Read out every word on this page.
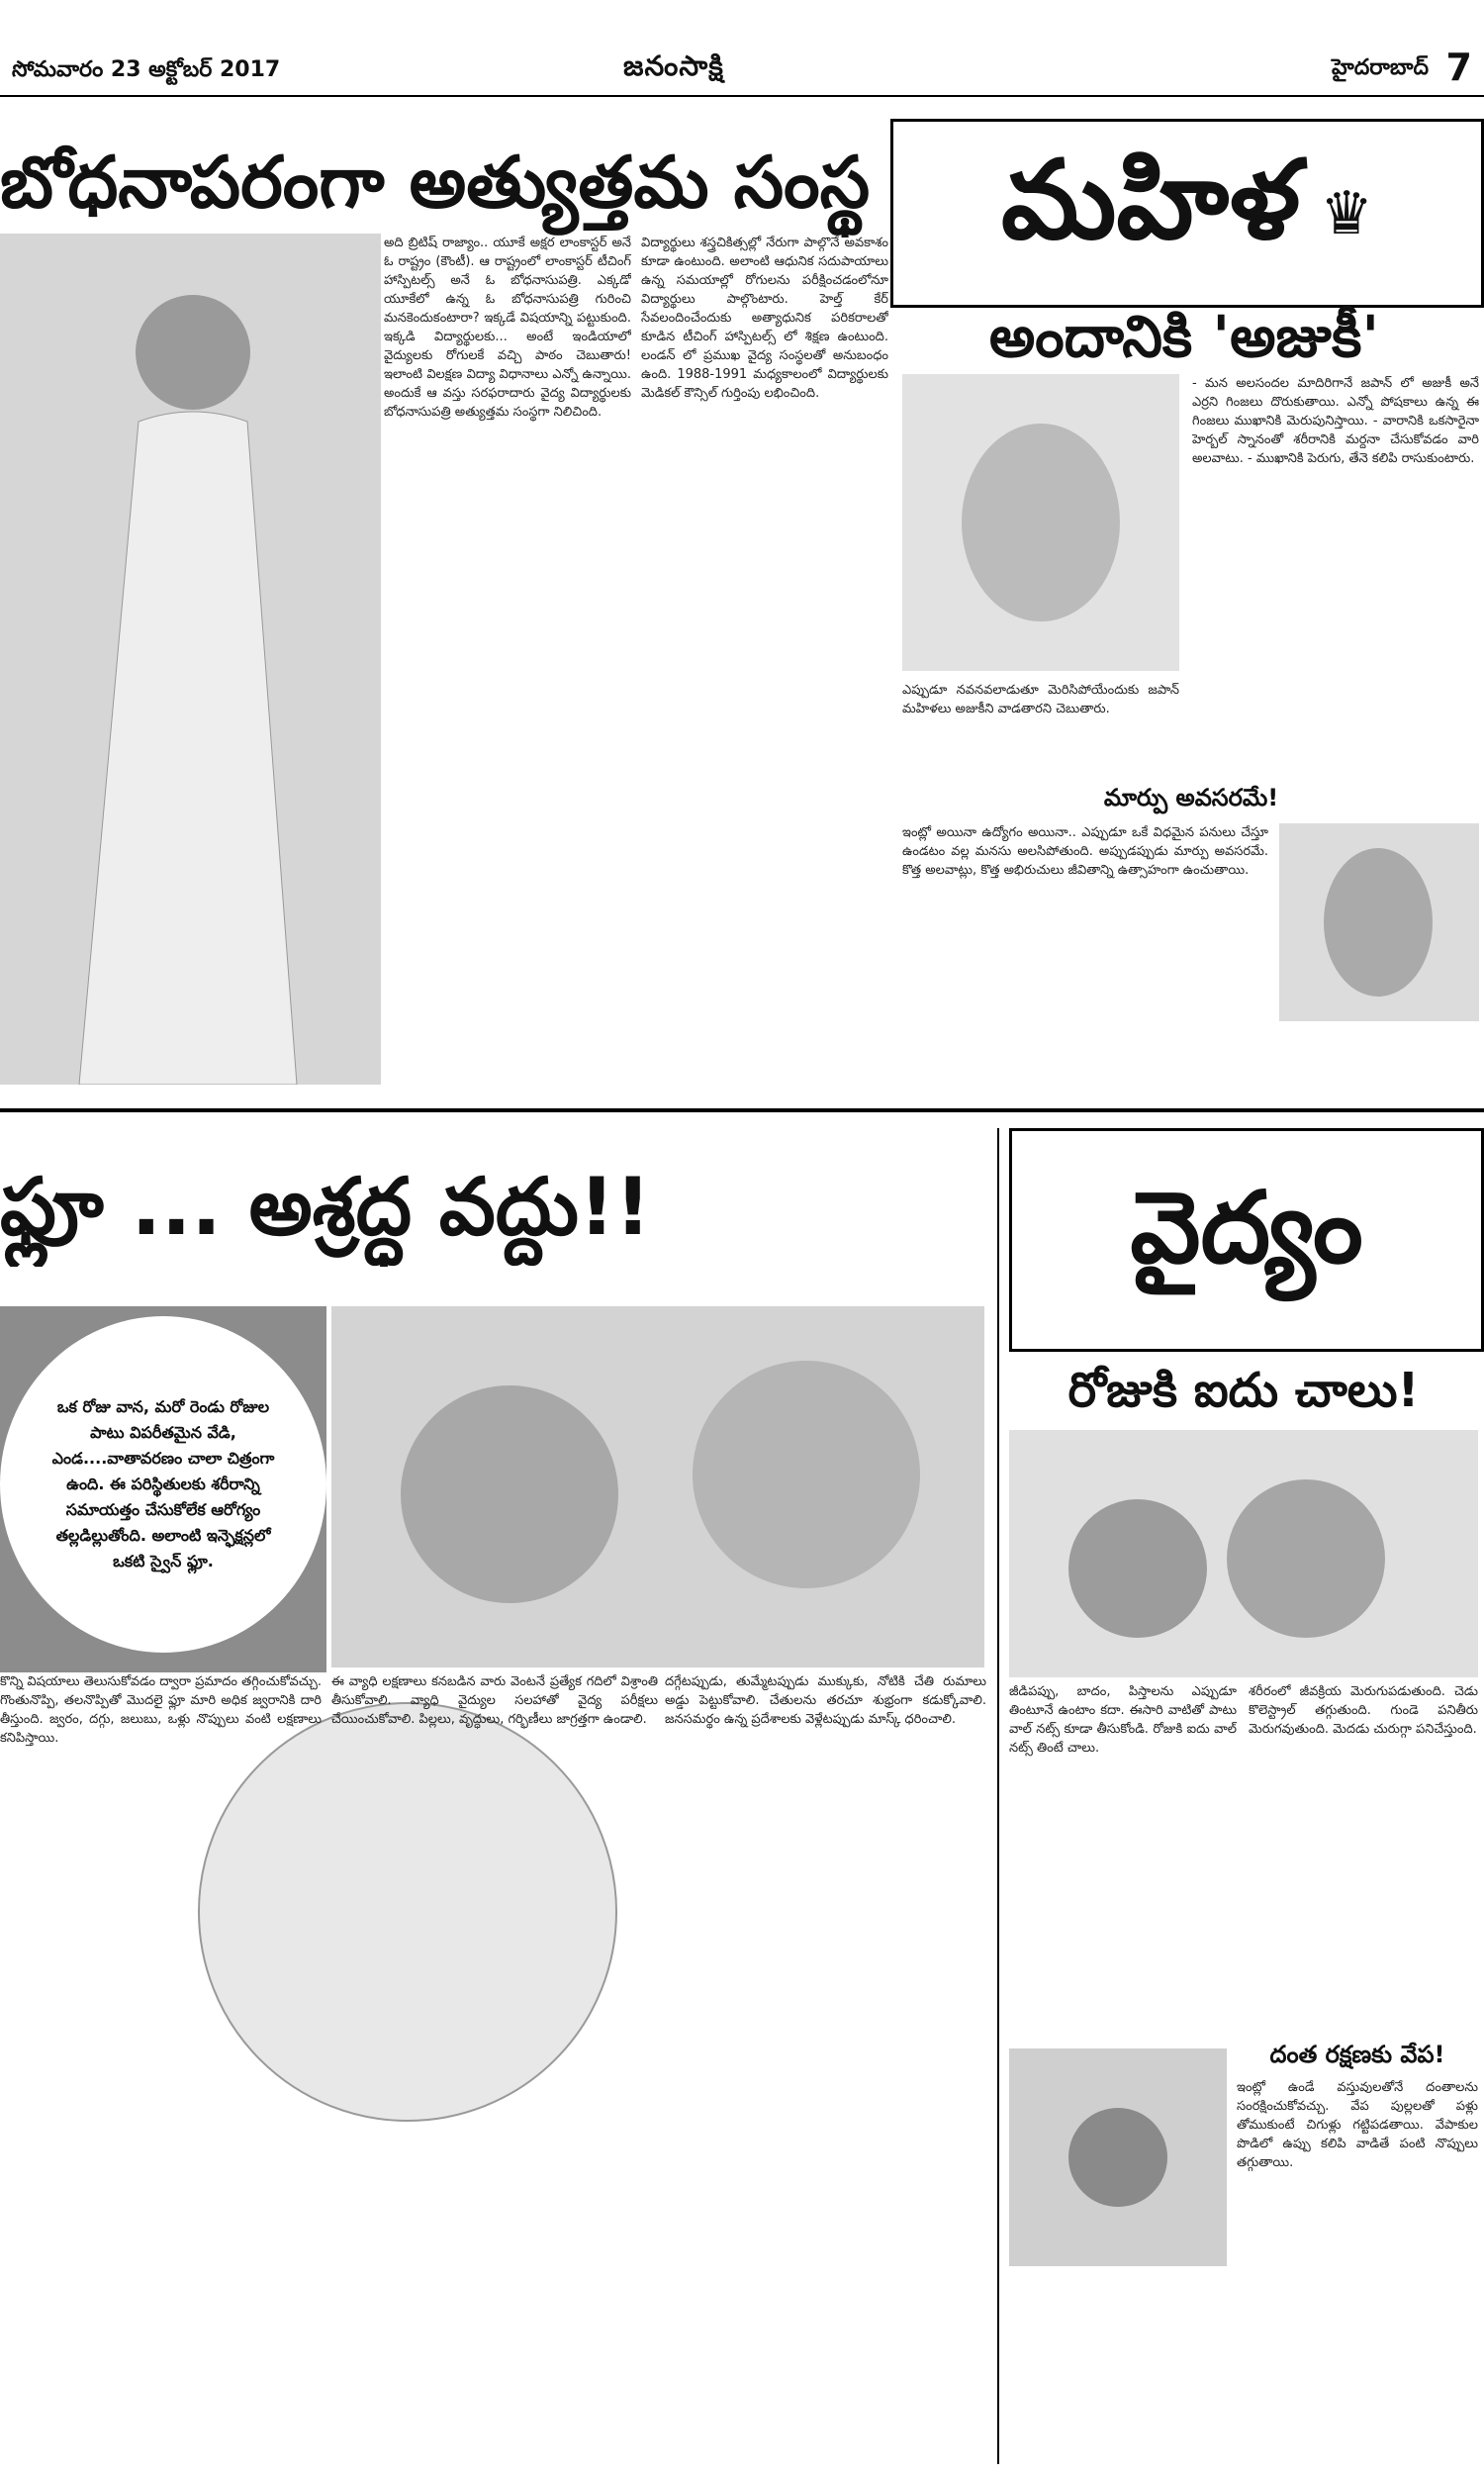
సోమవారం 23 అక్టోబర్ 2017	జనంసాక్షి	హైదరాబాద్ 7
బోధనాపరంగా అత్యుత్తమ సంస్థ

అది బ్రిటిష్ రాజ్యాం.. యూకే అక్షర లాంకాస్టర్ అనే ఓ రాష్ట్రం (కౌంటీ). ఆ రాష్ట్రంలో లాంకాస్టర్ టీచింగ్ హాస్పిటల్స్ అనే ఓ బోధనాసుపత్రి. ఎక్కడో యూకేలో ఉన్న ఓ బోధనాసుపత్రి గురించి మనకెందుకంటారా? ఇక్కడే విషయాన్ని పట్టుకుంది. ఇక్కడి విద్యార్థులకు... అంటే ఇండియాలో వైద్యులకు రోగులకే వచ్చి పాఠం చెబుతారు! ఇలాంటి విలక్షణ విద్యా విధానాలు ఎన్నో ఉన్నాయి. అందుకే ఆ వస్తు సరఫరాదారు వైద్య విద్యార్థులకు బోధనాసుపత్రి అత్యుత్తమ సంస్థగా నిలిచింది.

విద్యార్థులు శస్త్రచికిత్సల్లో నేరుగా పాల్గొనే అవకాశం కూడా ఉంటుంది. అలాంటి ఆధునిక సదుపాయాలు ఉన్న సమయాల్లో రోగులను పరీక్షించడంలోనూ విద్యార్థులు పాల్గొంటారు. హెల్త్ కేర్ సేవలందించేందుకు అత్యాధునిక పరికరాలతో కూడిన టీచింగ్ హాస్పిటల్స్ లో శిక్షణ ఉంటుంది. లండన్ లో ప్రముఖ వైద్య సంస్థలతో అనుబంధం ఉంది. 1988-1991 మధ్యకాలంలో విద్యార్థులకు మెడికల్ కౌన్సిల్ గుర్తింపు లభించింది.

మహిళ ♛
అందానికి 'అజుకీ'

ఎప్పుడూ నవనవలాడుతూ మెరిసిపోయేందుకు జపాన్ మహిళలు అజుకీని వాడతారని చెబుతారు.

- మన అలసందల మాదిరిగానే జపాన్ లో అజుకీ అనే ఎర్రని గింజలు దొరుకుతాయి. ఎన్నో పోషకాలు ఉన్న ఈ గింజలు ముఖానికి మెరుపునిస్తాయి. - వారానికి ఒకసారైనా హెర్బల్ స్నానంతో శరీరానికి మర్దనా చేసుకోవడం వారి అలవాటు. - ముఖానికి పెరుగు, తేనె కలిపి రాసుకుంటారు.

మార్పు అవసరమే!

ఇంట్లో అయినా ఉద్యోగం అయినా.. ఎప్పుడూ ఒకే విధమైన పనులు చేస్తూ ఉండటం వల్ల మనసు అలసిపోతుంది. అప్పుడప్పుడు మార్పు అవసరమే. కొత్త అలవాట్లు, కొత్త అభిరుచులు జీవితాన్ని ఉత్సాహంగా ఉంచుతాయి.

ఫ్లూ ... అశ్రద్ధ వద్దు!!
ఒక రోజు వాన, మరో రెండు రోజుల పాటు విపరీతమైన వేడి, ఎండ....వాతావరణం చాలా చిత్రంగా ఉంది. ఈ పరిస్థితులకు శరీరాన్ని సమాయత్తం చేసుకోలేక ఆరోగ్యం తల్లడిల్లుతోంది. అలాంటి ఇన్ఫెక్షన్లలో ఒకటి స్వైన్ ఫ్లూ.

కొన్ని విషయాలు తెలుసుకోవడం ద్వారా ప్రమాదం తగ్గించుకోవచ్చు. గొంతునొప్పి, తలనొప్పితో మొదలై ఫ్లూ మారి అధిక జ్వరానికి దారి తీస్తుంది. జ్వరం, దగ్గు, జలుబు, ఒళ్లు నొప్పులు వంటి లక్షణాలు కనిపిస్తాయి.

ఈ వ్యాధి లక్షణాలు కనబడిన వారు వెంటనే ప్రత్యేక గదిలో విశ్రాంతి తీసుకోవాలి. వ్యాధి వైద్యుల సలహాతో వైద్య పరీక్షలు చేయించుకోవాలి. పిల్లలు, వృద్ధులు, గర్భిణీలు జాగ్రత్తగా ఉండాలి.

దగ్గేటప్పుడు, తుమ్మేటప్పుడు ముక్కుకు, నోటికి చేతి రుమాలు అడ్డు పెట్టుకోవాలి. చేతులను తరచూ శుభ్రంగా కడుక్కోవాలి. జనసమర్థం ఉన్న ప్రదేశాలకు వెళ్లేటప్పుడు మాస్క్ ధరించాలి.

వైద్యం
రోజుకి ఐదు చాలు!

జీడిపప్పు, బాదం, పిస్తాలను ఎప్పుడూ తింటూనే ఉంటాం కదా. ఈసారి వాటితో పాటు వాల్ నట్స్ కూడా తీసుకోండి. రోజుకి ఐదు వాల్ నట్స్ తింటే చాలు.

శరీరంలో జీవక్రియ మెరుగుపడుతుంది. చెడు కొలెస్ట్రాల్ తగ్గుతుంది. గుండె పనితీరు మెరుగవుతుంది. మెదడు చురుగ్గా పనిచేస్తుంది.

దంత రక్షణకు వేప!

ఇంట్లో ఉండే వస్తువులతోనే దంతాలను సంరక్షించుకోవచ్చు. వేప పుల్లలతో పళ్లు తోముకుంటే చిగుళ్లు గట్టిపడతాయి. వేపాకుల పొడిలో ఉప్పు కలిపి వాడితే పంటి నొప్పులు తగ్గుతాయి.
